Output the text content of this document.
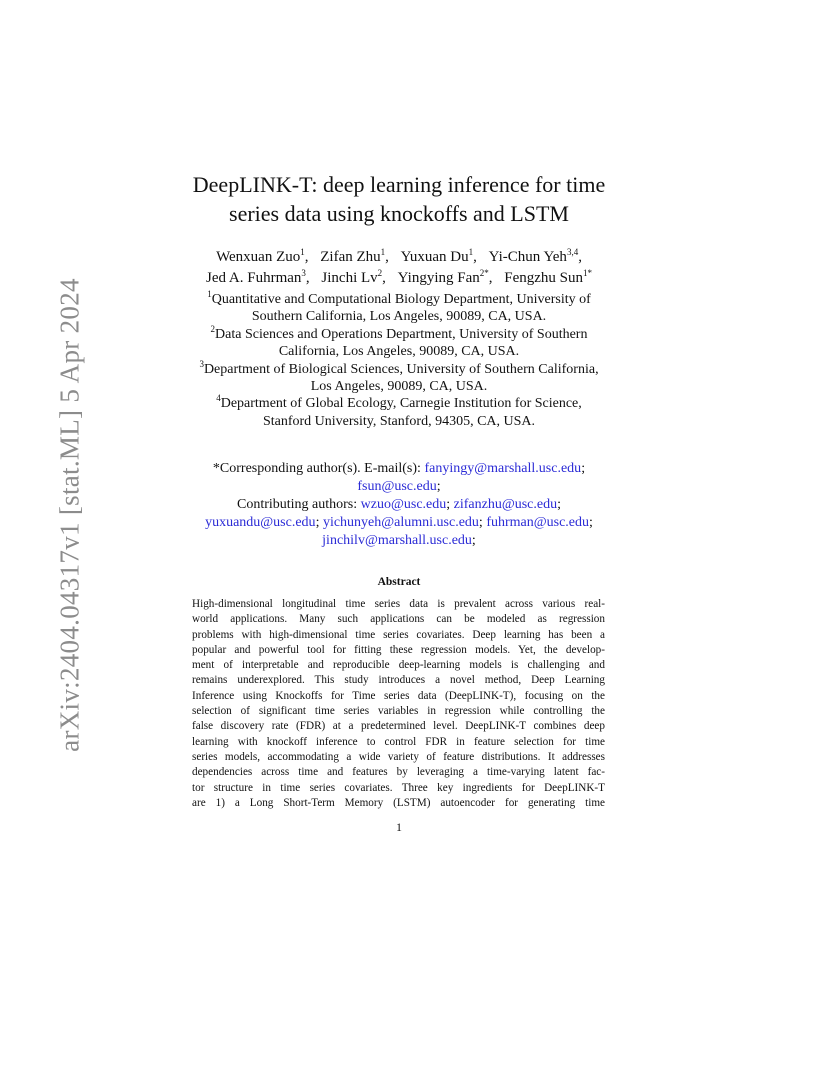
arXiv:2404.04317v1 [stat.ML] 5 Apr 2024
DeepLINK-T: deep learning inference for time
series data using knockoffs and LSTM
Wenxuan Zuo$^1$, Zifan Zhu$^1$, Yuxuan Du$^1$, Yi-Chun Yeh$^{3,4}$,
Jed A. Fuhrman$^3$, Jinchi Lv$^2$, Yingying Fan$^{2*}$, Fengzhu Sun$^{1*}$
$^1$Quantitative and Computational Biology Department, University of
Southern California, Los Angeles, 90089, CA, USA.
$^2$Data Sciences and Operations Department, University of Southern
California, Los Angeles, 90089, CA, USA.
$^3$Department of Biological Sciences, University of Southern California,
Los Angeles, 90089, CA, USA.
$^4$Department of Global Ecology, Carnegie Institution for Science,
Stanford University, Stanford, 94305, CA, USA.
*Corresponding author(s). E-mail(s): fanyingy@marshall.usc.edu;
fsun@usc.edu;
Contributing authors: wzuo@usc.edu; zifanzhu@usc.edu;
yuxuandu@usc.edu; yichunyeh@alumni.usc.edu; fuhrman@usc.edu;
jinchilv@marshall.usc.edu;
Abstract
High-dimensional longitudinal time series data is prevalent across various real-
world applications. Many such applications can be modeled as regression
problems with high-dimensional time series covariates. Deep learning has been a
popular and powerful tool for fitting these regression models. Yet, the develop-
ment of interpretable and reproducible deep-learning models is challenging and
remains underexplored. This study introduces a novel method, Deep Learning
Inference using Knockoffs for Time series data (DeepLINK-T), focusing on the
selection of significant time series variables in regression while controlling the
false discovery rate (FDR) at a predetermined level. DeepLINK-T combines deep
learning with knockoff inference to control FDR in feature selection for time
series models, accommodating a wide variety of feature distributions. It addresses
dependencies across time and features by leveraging a time-varying latent fac-
tor structure in time series covariates. Three key ingredients for DeepLINK-T
are 1) a Long Short-Term Memory (LSTM) autoencoder for generating time
1
